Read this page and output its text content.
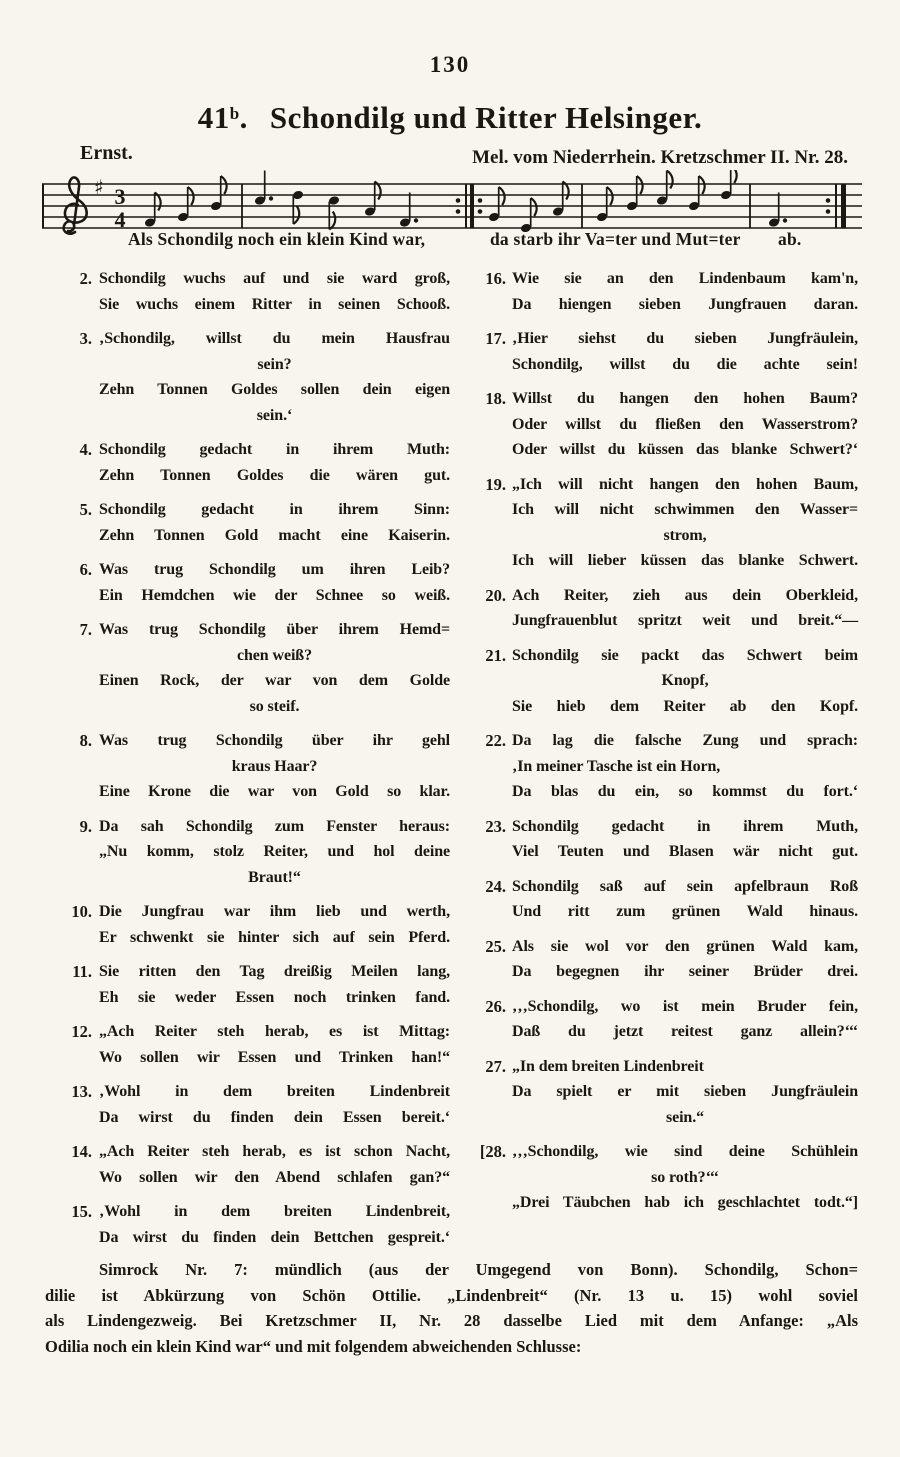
130
41$^b$. Schondilg und Ritter Helsinger.
Ernst.	Mel. vom Niederrhein. Kretzschmer II. Nr. 28.
♯ 3
4
Als Schondilg noch ein klein Kind war,	da starb ihr Va=ter und Mut=ter ab.
2. Schondilg wuchs auf und sie ward groß,
Sie wuchs einem Ritter in seinen Schooß.
3. ‚Schondilg, willst du mein Hausfrau
sein?
Zehn Tonnen Goldes sollen dein eigen
sein.‘
4. Schondilg gedacht in ihrem Muth:
Zehn Tonnen Goldes die wären gut.
5. Schondilg gedacht in ihrem Sinn:
Zehn Tonnen Gold macht eine Kaiserin.
6. Was trug Schondilg um ihren Leib?
Ein Hemdchen wie der Schnee so weiß.
7. Was trug Schondilg über ihrem Hemd=
chen weiß?
Einen Rock, der war von dem Golde
so steif.
8. Was trug Schondilg über ihr gehl
kraus Haar?
Eine Krone die war von Gold so klar.
9. Da sah Schondilg zum Fenster heraus:
„Nu komm, stolz Reiter, und hol deine
Braut!“
10. Die Jungfrau war ihm lieb und werth,
Er schwenkt sie hinter sich auf sein Pferd.
11. Sie ritten den Tag dreißig Meilen lang,
Eh sie weder Essen noch trinken fand.
12. „Ach Reiter steh herab, es ist Mittag:
Wo sollen wir Essen und Trinken han!“
13. ‚Wohl in dem breiten Lindenbreit
Da wirst du finden dein Essen bereit.‘
14. „Ach Reiter steh herab, es ist schon Nacht,
Wo sollen wir den Abend schlafen gan?“
15. ‚Wohl in dem breiten Lindenbreit,
Da wirst du finden dein Bettchen gespreit.‘
16. Wie sie an den Lindenbaum kam'n,
Da hiengen sieben Jungfrauen daran.
17. ‚Hier siehst du sieben Jungfräulein,
Schondilg, willst du die achte sein!
18. Willst du hangen den hohen Baum?
Oder willst du fließen den Wasserstrom?
Oder willst du küssen das blanke Schwert?‘
19. „Ich will nicht hangen den hohen Baum,
Ich will nicht schwimmen den Wasser=
strom,
Ich will lieber küssen das blanke Schwert.
20. Ach Reiter, zieh aus dein Oberkleid,
Jungfrauenblut spritzt weit und breit.“—
21. Schondilg sie packt das Schwert beim
Knopf,
Sie hieb dem Reiter ab den Kopf.
22. Da lag die falsche Zung und sprach:
‚In meiner Tasche ist ein Horn,
Da blas du ein, so kommst du fort.‘
23. Schondilg gedacht in ihrem Muth,
Viel Teuten und Blasen wär nicht gut.
24. Schondilg saß auf sein apfelbraun Roß
Und ritt zum grünen Wald hinaus.
25. Als sie wol vor den grünen Wald kam,
Da begegnen ihr seiner Brüder drei.
26. ‚‚‚Schondilg, wo ist mein Bruder fein,
Daß du jetzt reitest ganz allein?‘‘‘
27. „In dem breiten Lindenbreit
Da spielt er mit sieben Jungfräulein
sein.“
[28. ‚‚‚Schondilg, wie sind deine Schühlein
so roth?‘‘‘
„Drei Täubchen hab ich geschlachtet todt.“]
Simrock Nr. 7: mündlich (aus der Umgegend von Bonn). Schondilg, Schon=
dilie ist Abkürzung von Schön Ottilie. „Lindenbreit“ (Nr. 13 u. 15) wohl soviel
als Lindengezweig. Bei Kretzschmer II, Nr. 28 dasselbe Lied mit dem Anfange: „Als
Odilia noch ein klein Kind war“ und mit folgendem abweichenden Schlusse:
